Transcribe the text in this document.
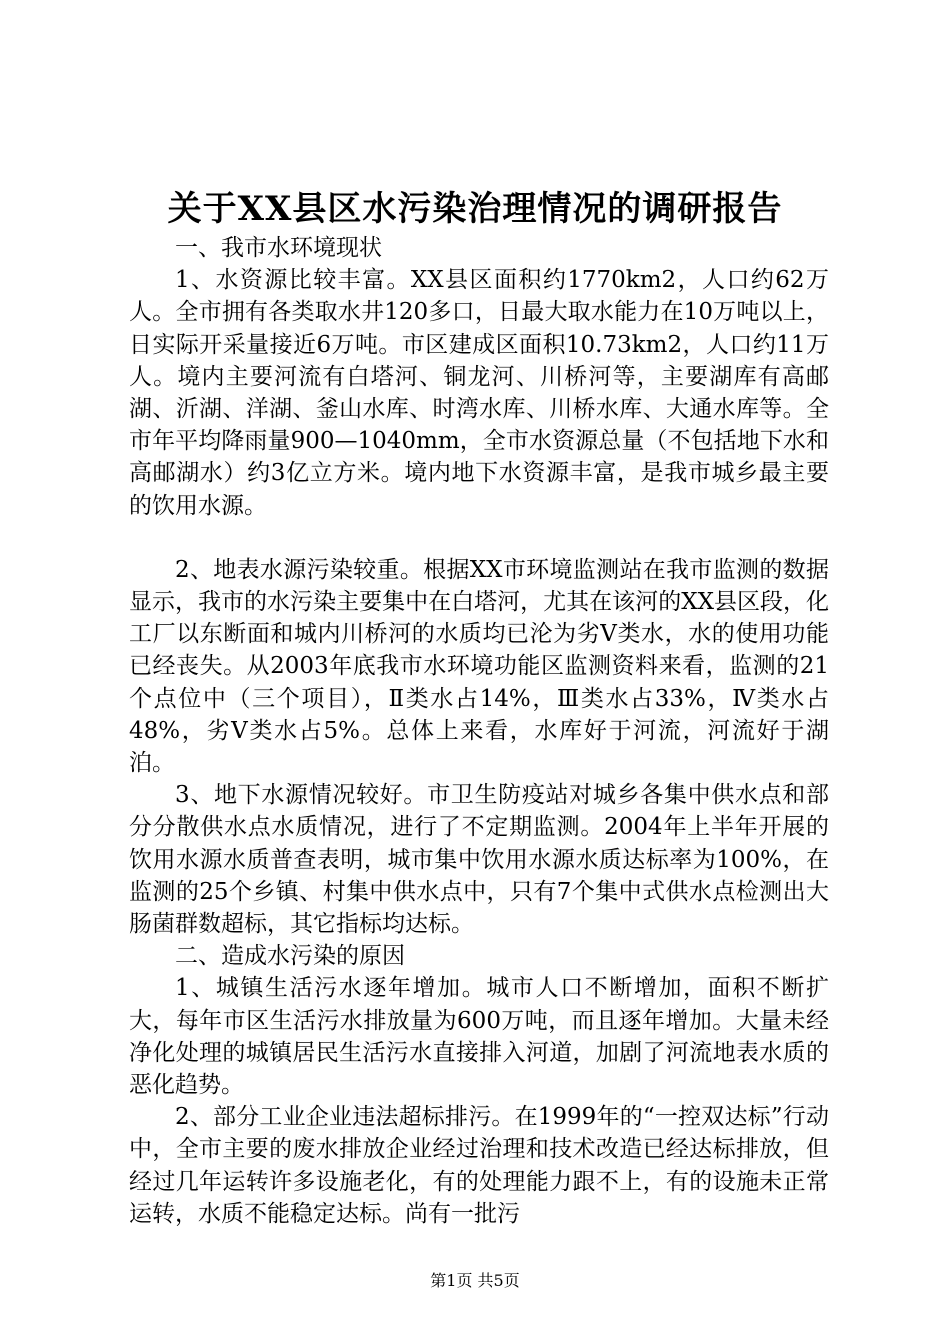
关于XX县区水污染治理情况的调研报告

一、我市水环境现状

1、水资源比较丰富。XX县区面积约1770km2，人口约62万人。全市拥有各类取水井120多口，日最大取水能力在10万吨以上，日实际开采量接近6万吨。市区建成区面积10.73km2，人口约11万人。境内主要河流有白塔河、铜龙河、川桥河等，主要湖库有高邮湖、沂湖、洋湖、釜山水库、时湾水库、川桥水库、大通水库等。全市年平均降雨量900—1040mm，全市水资源总量（不包括地下水和高邮湖水）约3亿立方米。境内地下水资源丰富，是我市城乡最主要的饮用水源。

2、地表水源污染较重。根据XX市环境监测站在我市监测的数据显示，我市的水污染主要集中在白塔河，尤其在该河的XX县区段，化工厂以东断面和城内川桥河的水质均已沦为劣Ⅴ类水，水的使用功能已经丧失。从2003年底我市水环境功能区监测资料来看，监测的21个点位中（三个项目），Ⅱ类水占14%，Ⅲ类水占33%，Ⅳ类水占48%，劣Ⅴ类水占5%。总体上来看，水库好于河流，河流好于湖泊。

3、地下水源情况较好。市卫生防疫站对城乡各集中供水点和部分分散供水点水质情况，进行了不定期监测。2004年上半年开展的饮用水源水质普查表明，城市集中饮用水源水质达标率为100%，在监测的25个乡镇、村集中供水点中，只有7个集中式供水点检测出大肠菌群数超标，其它指标均达标。

二、造成水污染的原因

1、城镇生活污水逐年增加。城市人口不断增加，面积不断扩大，每年市区生活污水排放量为600万吨，而且逐年增加。大量未经净化处理的城镇居民生活污水直接排入河道，加剧了河流地表水质的恶化趋势。

2、部分工业企业违法超标排污。在1999年的“一控双达标”行动中，全市主要的废水排放企业经过治理和技术改造已经达标排放，但经过几年运转许多设施老化，有的处理能力跟不上，有的设施未正常运转，水质不能稳定达标。尚有一批污

第1页 共5页
